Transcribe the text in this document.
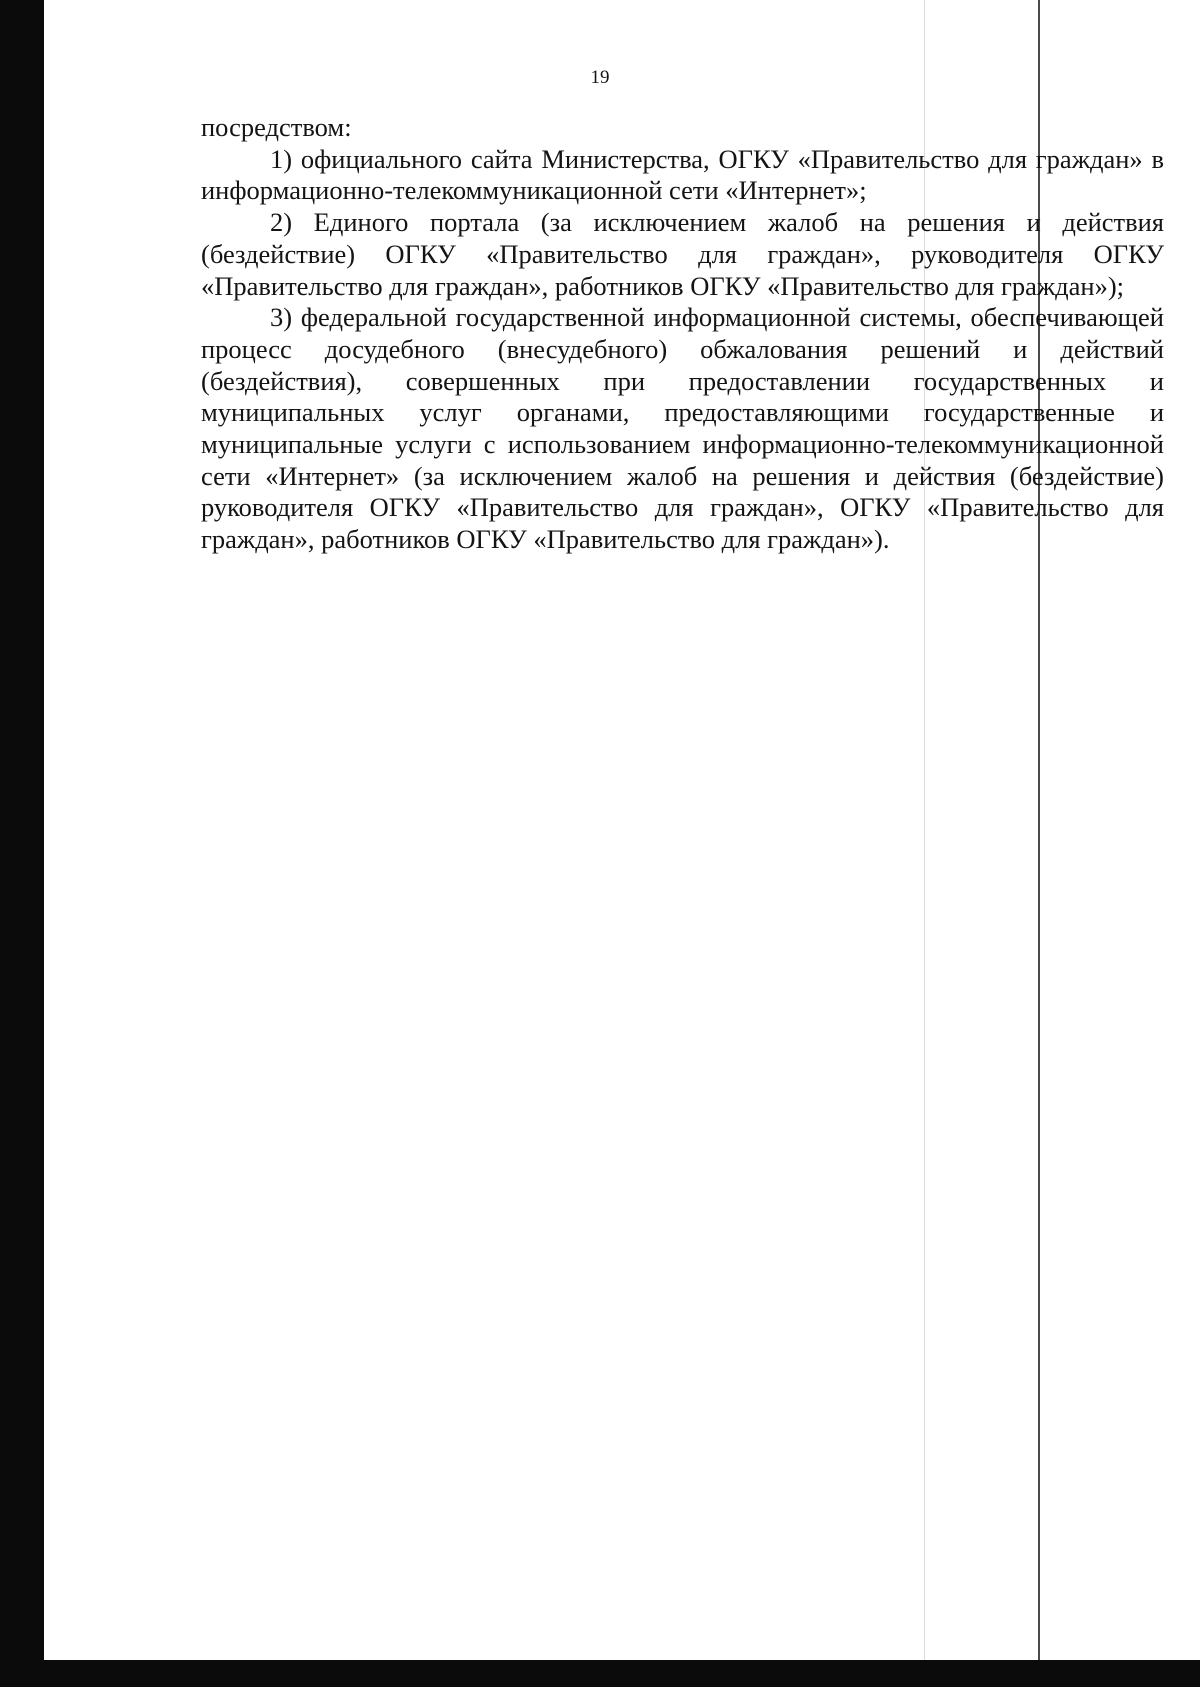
19

посредством:

1) официального сайта Министерства, ОГКУ «Правительство для граждан» в информационно-телекоммуникационной сети «Интернет»;

2) Единого портала (за исключением жалоб на решения и действия (бездействие) ОГКУ «Правительство для граждан», руководителя ОГКУ «Правительство для граждан», работников ОГКУ «Правительство для граждан»);

3) федеральной государственной информационной системы, обеспечивающей процесс досудебного (внесудебного) обжалования решений и действий (бездействия), совершенных при предоставлении государственных и муниципальных услуг органами, предоставляющими государственные и муниципальные услуги с использованием информационно-телекоммуникационной сети «Интернет» (за исключением жалоб на решения и действия (бездействие) руководителя ОГКУ «Правительство для граждан», ОГКУ «Правительство для граждан», работников ОГКУ «Правительство для граждан»).
